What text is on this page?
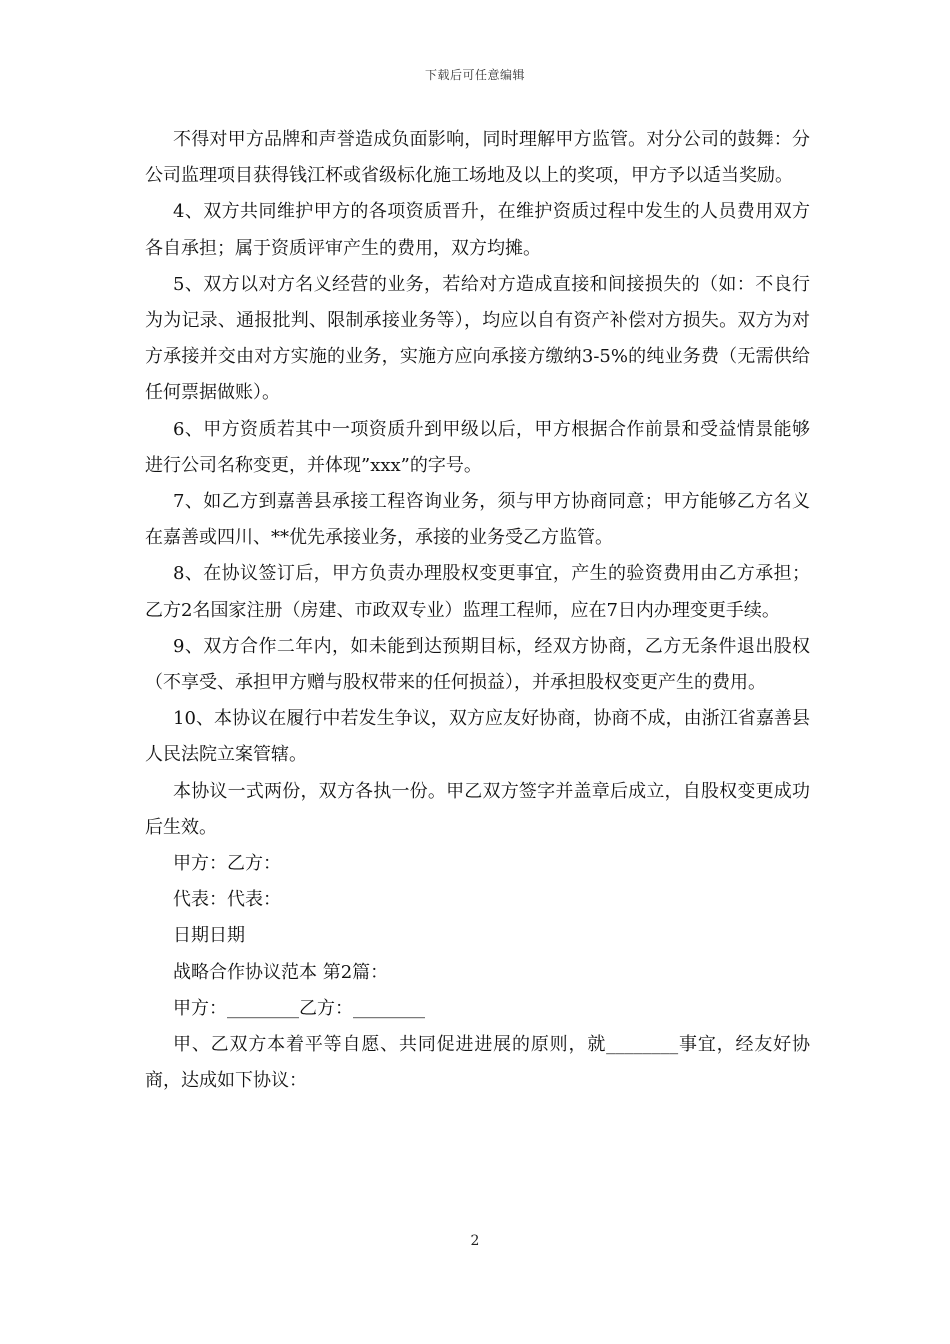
下载后可任意编辑

不得对甲方品牌和声誉造成负面影响，同时理解甲方监管。对分公司的鼓舞：分公司监理项目获得钱江杯或省级标化施工场地及以上的奖项，甲方予以适当奖励。

4、双方共同维护甲方的各项资质晋升，在维护资质过程中发生的人员费用双方各自承担；属于资质评审产生的费用，双方均摊。

5、双方以对方名义经营的业务，若给对方造成直接和间接损失的（如：不良行为为记录、通报批判、限制承接业务等），均应以自有资产补偿对方损失。双方为对方承接并交由对方实施的业务，实施方应向承接方缴纳3-5%的纯业务费（无需供给任何票据做账）。

6、甲方资质若其中一项资质升到甲级以后，甲方根据合作前景和受益情景能够进行公司名称变更，并体现”xxx”的字号。

7、如乙方到嘉善县承接工程咨询业务，须与甲方协商同意；甲方能够乙方名义在嘉善或四川、**优先承接业务，承接的业务受乙方监管。

8、在协议签订后，甲方负责办理股权变更事宜，产生的验资费用由乙方承担；乙方2名国家注册（房建、市政双专业）监理工程师，应在7日内办理变更手续。

9、双方合作二年内，如未能到达预期目标，经双方协商，乙方无条件退出股权（不享受、承担甲方赠与股权带来的任何损益），并承担股权变更产生的费用。

10、本协议在履行中若发生争议，双方应友好协商，协商不成，由浙江省嘉善县人民法院立案管辖。

本协议一式两份，双方各执一份。甲乙双方签字并盖章后成立，自股权变更成功后生效。

甲方：乙方：

代表：代表：

日期日期

战略合作协议范本 第2篇：

甲方：________乙方：________

甲、乙双方本着平等自愿、共同促进进展的原则，就________事宜，经友好协商，达成如下协议：

2
